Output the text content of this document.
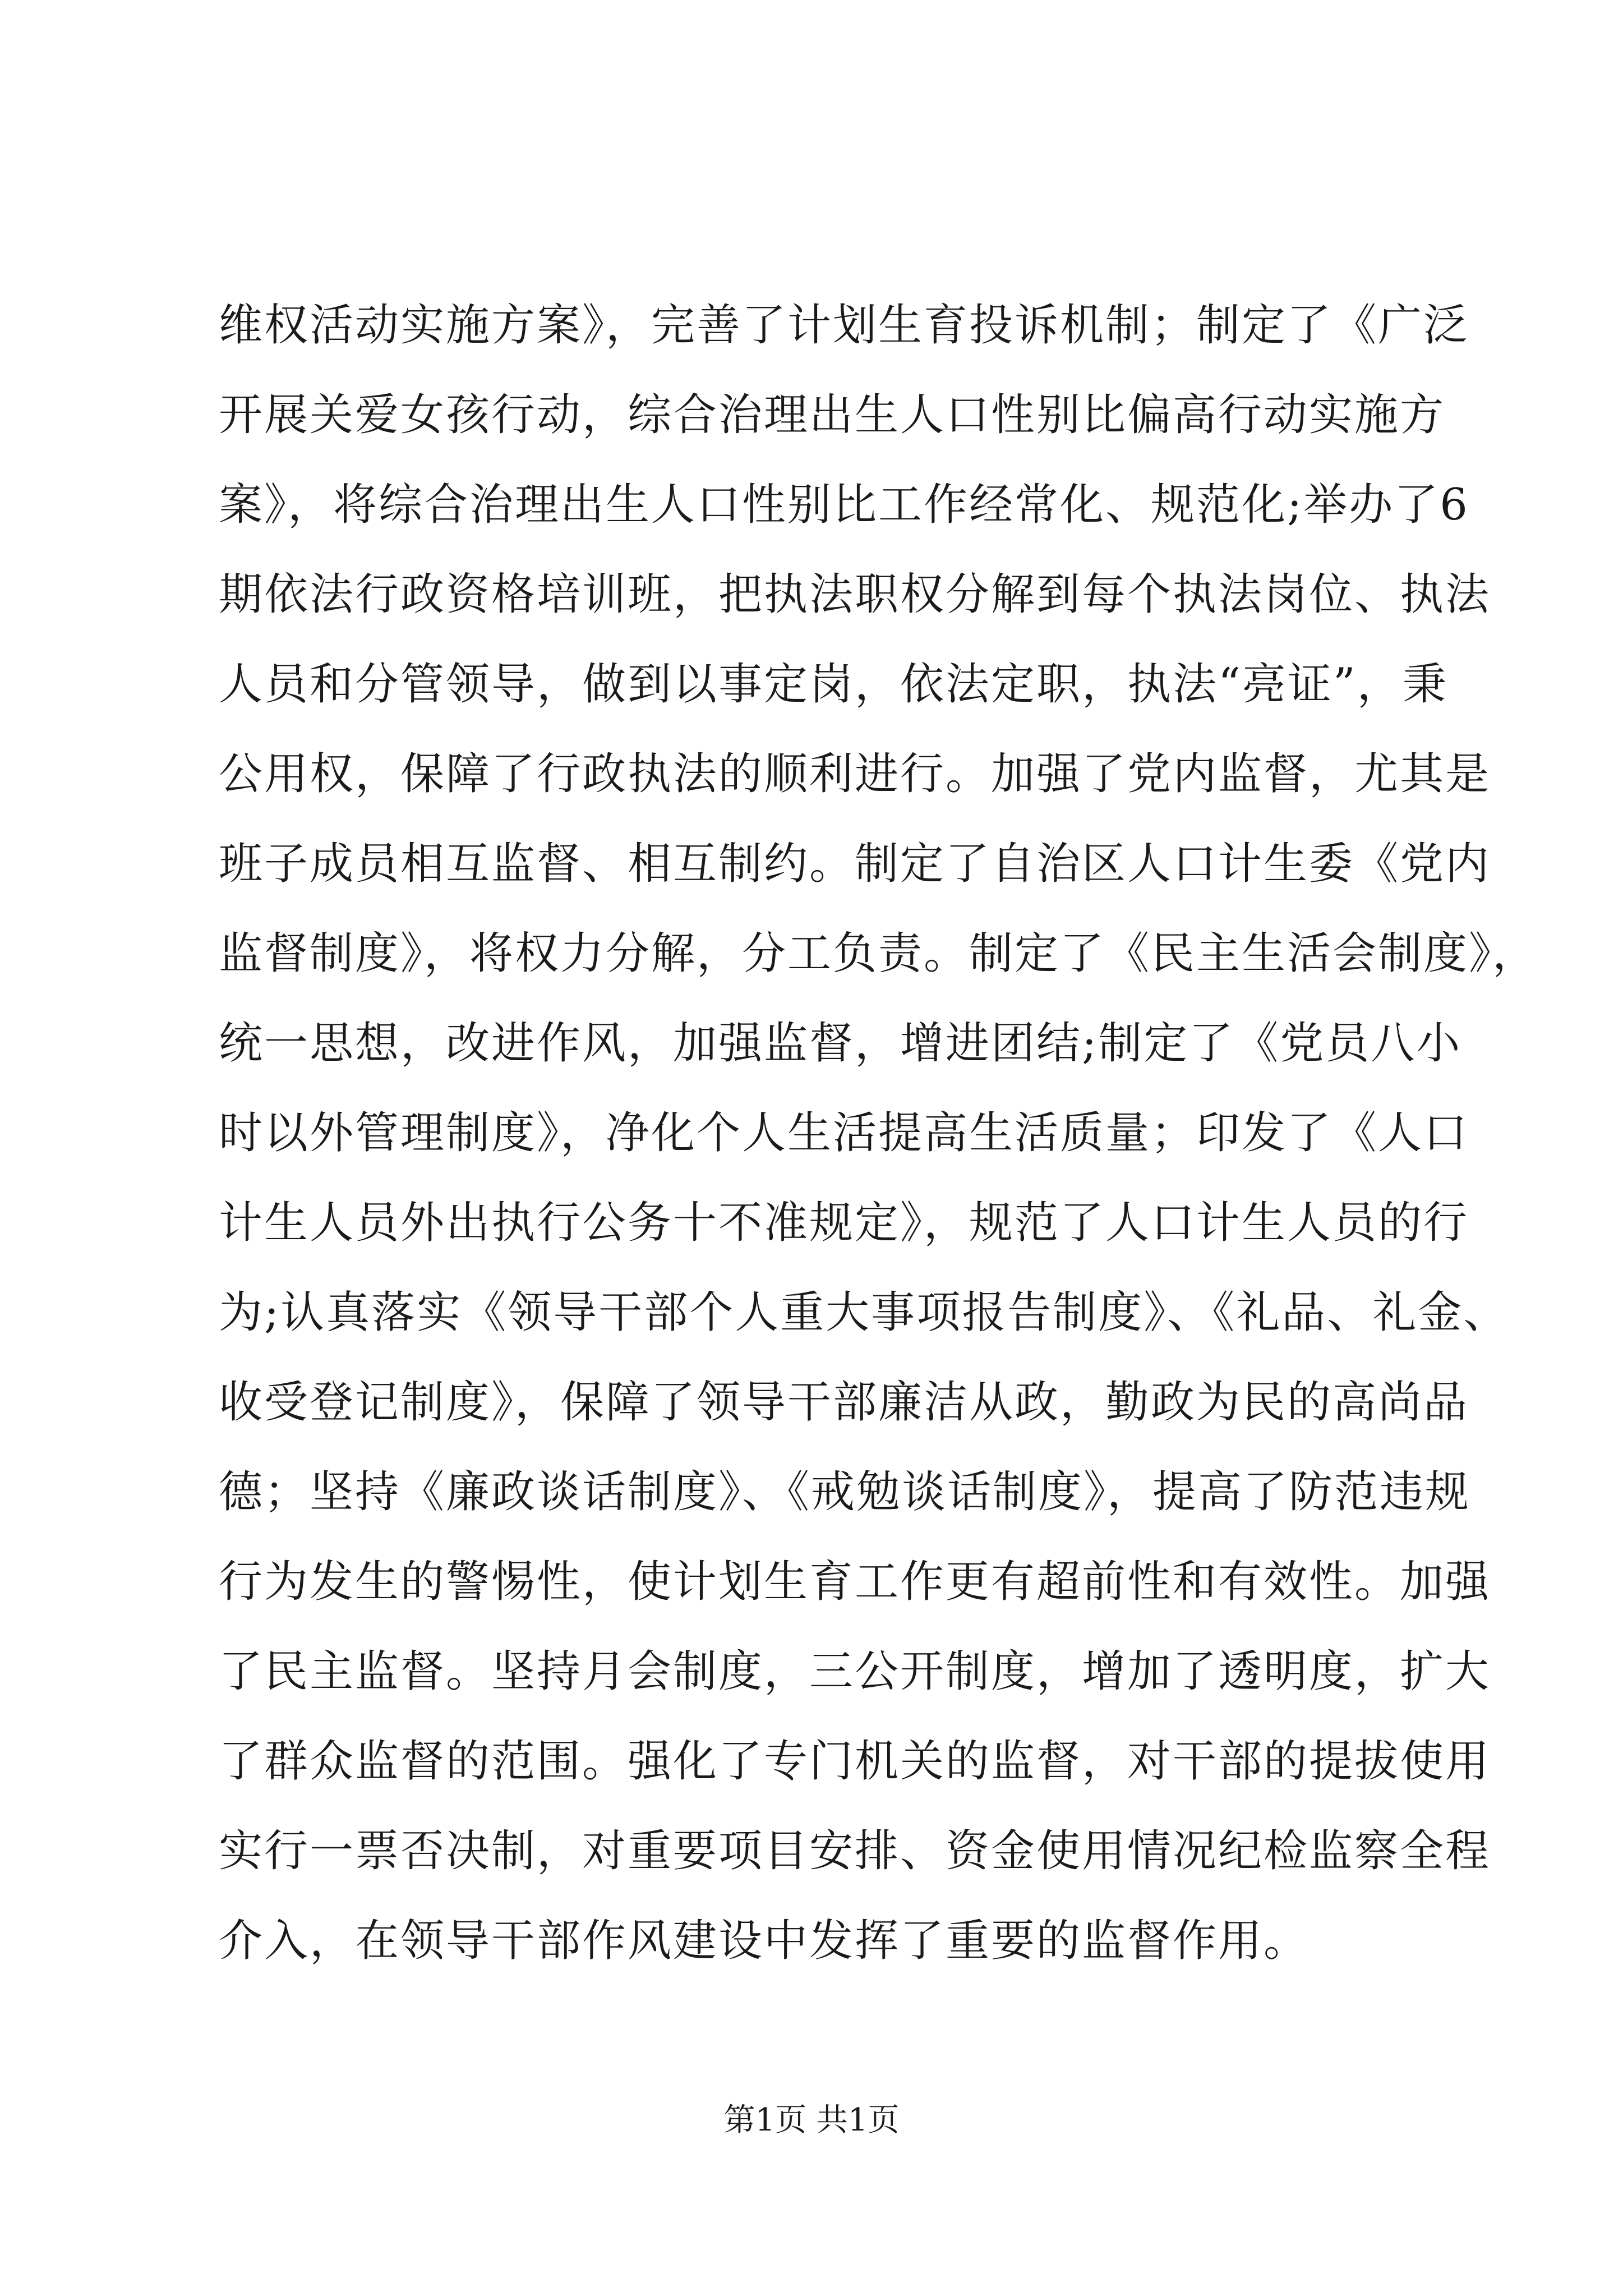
维权活动实施方案》，完善了计划生育投诉机制；制定了《广泛
开展关爱女孩行动，综合治理出生人口性别比偏高行动实施方
案》，将综合治理出生人口性别比工作经常化、规范化;举办了6
期依法行政资格培训班，把执法职权分解到每个执法岗位、执法
人员和分管领导，做到以事定岗，依法定职，执法“亮证”，秉
公用权，保障了行政执法的顺利进行。加强了党内监督，尤其是
班子成员相互监督、相互制约。制定了自治区人口计生委《党内
监督制度》，将权力分解，分工负责。制定了《民主生活会制度》，
统一思想，改进作风，加强监督，增进团结;制定了《党员八小
时以外管理制度》，净化个人生活提高生活质量；印发了《人口
计生人员外出执行公务十不准规定》，规范了人口计生人员的行
为;认真落实《领导干部个人重大事项报告制度》、《礼品、礼金、
收受登记制度》，保障了领导干部廉洁从政，勤政为民的高尚品
德；坚持《廉政谈话制度》、《戒勉谈话制度》，提高了防范违规
行为发生的警惕性，使计划生育工作更有超前性和有效性。加强
了民主监督。坚持月会制度，三公开制度，增加了透明度，扩大
了群众监督的范围。强化了专门机关的监督，对干部的提拔使用
实行一票否决制，对重要项目安排、资金使用情况纪检监察全程
介入，在领导干部作风建设中发挥了重要的监督作用。
第1页 共1页
